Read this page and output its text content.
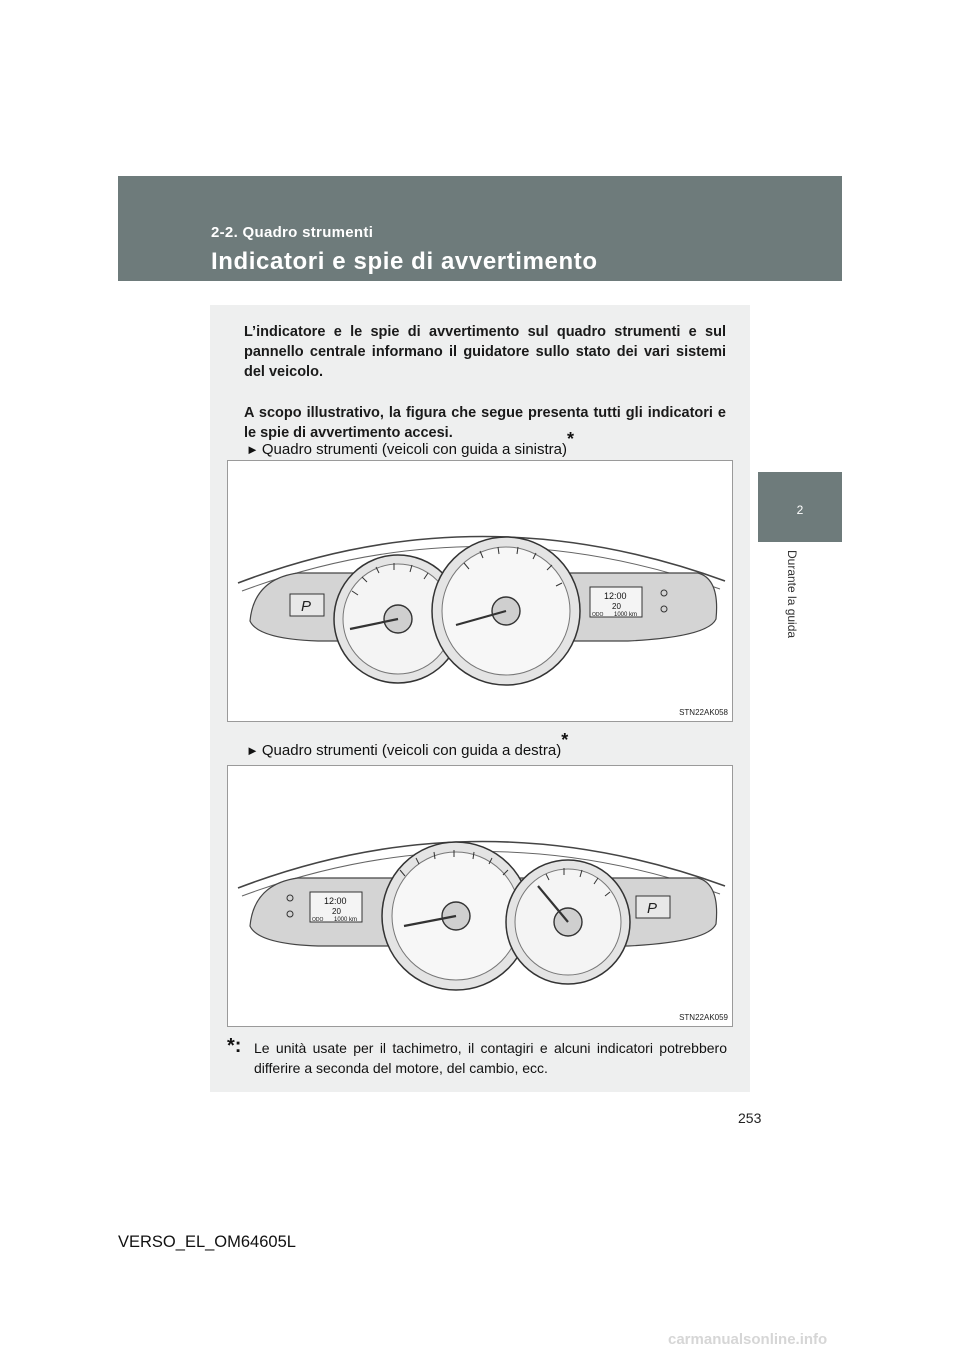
2-2. Quadro strumenti
Indicatori e spie di avvertimento
2
Durante la guida

L’indicatore e le spie di avvertimento sul quadro strumenti e sul pannello centrale informano il guidatore sullo stato dei vari sistemi del veicolo.

A scopo illustrativo, la figura che segue presenta tutti gli indicatori e le spie di avvertimento accesi.

► Quadro strumenti (veicoli con guida a sinistra)*
P
12:00
20
ODO 1000 km
STN22AK058
► Quadro strumenti (veicoli con guida a destra)*
P
12:00
20
ODO 1000 km
STN22AK059
*: Le unità usate per il tachimetro, il contagiri e alcuni indicatori potrebbero differire a seconda del motore, del cambio, ecc.
253
VERSO_EL_OM64605L
carmanualsonline.info
